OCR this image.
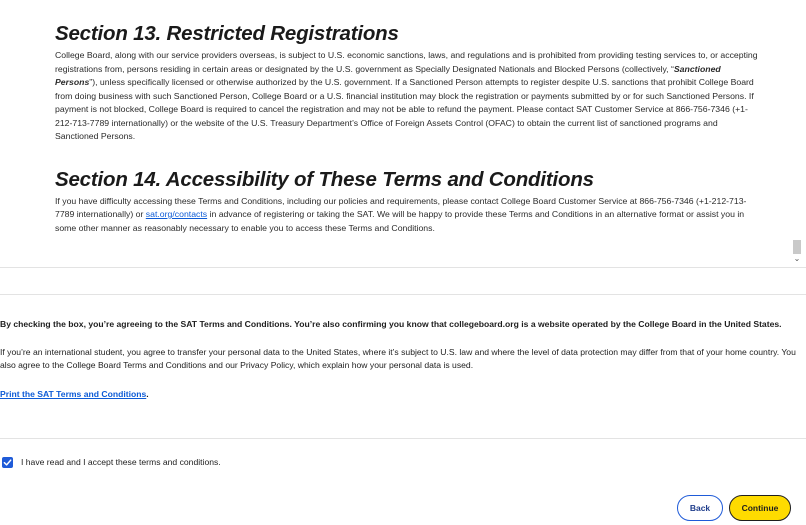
Section 13. Restricted Registrations

College Board, along with our service providers overseas, is subject to U.S. economic sanctions, laws, and regulations and is prohibited from providing testing services to, or accepting registrations from, persons residing in certain areas or designated by the U.S. government as Specially Designated Nationals and Blocked Persons (collectively, “Sanctioned Persons”), unless specifically licensed or otherwise authorized by the U.S. government. If a Sanctioned Person attempts to register despite U.S. sanctions that prohibit College Board from doing business with such Sanctioned Person, College Board or a U.S. financial institution may block the registration or payments submitted by or for such Sanctioned Persons. If payment is not blocked, College Board is required to cancel the registration and may not be able to refund the payment. Please contact SAT Customer Service at 866-756-7346 (+1-212-713-7789 internationally) or the website of the U.S. Treasury Department’s Office of Foreign Assets Control (OFAC) to obtain the current list of sanctioned programs and Sanctioned Persons.

Section 14. Accessibility of These Terms and Conditions

If you have difficulty accessing these Terms and Conditions, including our policies and requirements, please contact College Board Customer Service at 866-756-7346 (+1-212-713-7789 internationally) or sat.org/contacts in advance of registering or taking the SAT. We will be happy to provide these Terms and Conditions in an alternative format or assist you in some other manner as reasonably necessary to enable you to access these Terms and Conditions.

⌄

By checking the box, you’re agreeing to the SAT Terms and Conditions. You’re also confirming you know that collegeboard.org is a website operated by the College Board in the United States.

If you’re an international student, you agree to transfer your personal data to the United States, where it’s subject to U.S. law and where the level of data protection may differ from that of your home country. You also agree to the College Board Terms and Conditions and our Privacy Policy, which explain how your personal data is used.

Print the SAT Terms and Conditions.
I have read and I accept these terms and conditions.
Back	Continue
